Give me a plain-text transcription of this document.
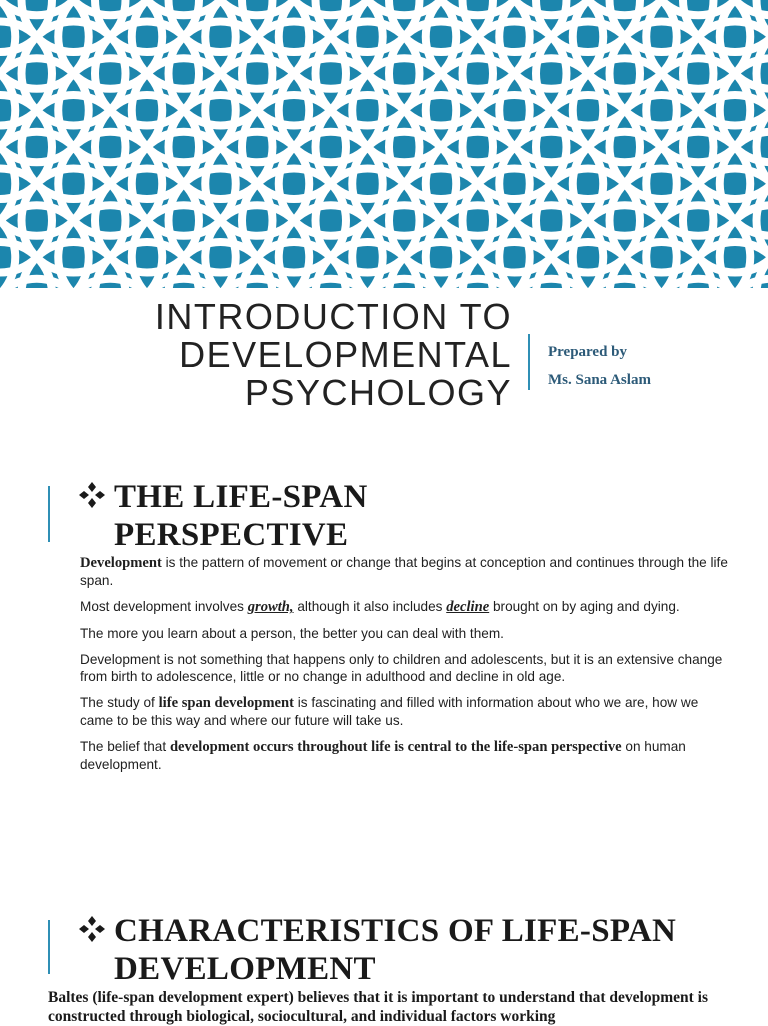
INTRODUCTION TO
DEVELOPMENTAL
PSYCHOLOGY
Prepared by
Ms. Sana Aslam
THE LIFE-SPAN PERSPECTIVE

Development is the pattern of movement or change that begins at conception and continues through the life span.

Most development involves growth, although it also includes decline brought on by aging and dying.

The more you learn about a person, the better you can deal with them.

Development is not something that happens only to children and adolescents, but it is an extensive change from birth to adolescence, little or no change in adulthood and decline in old age.

The study of life span development is fascinating and filled with information about who we are, how we came to be this way and where our future will take us.

The belief that development occurs throughout life is central to the life-span perspective on human development.

CHARACTERISTICS OF LIFE-SPAN DEVELOPMENT
Baltes (life-span development expert) believes that it is important to understand that development is constructed through biological, sociocultural, and individual factors working
